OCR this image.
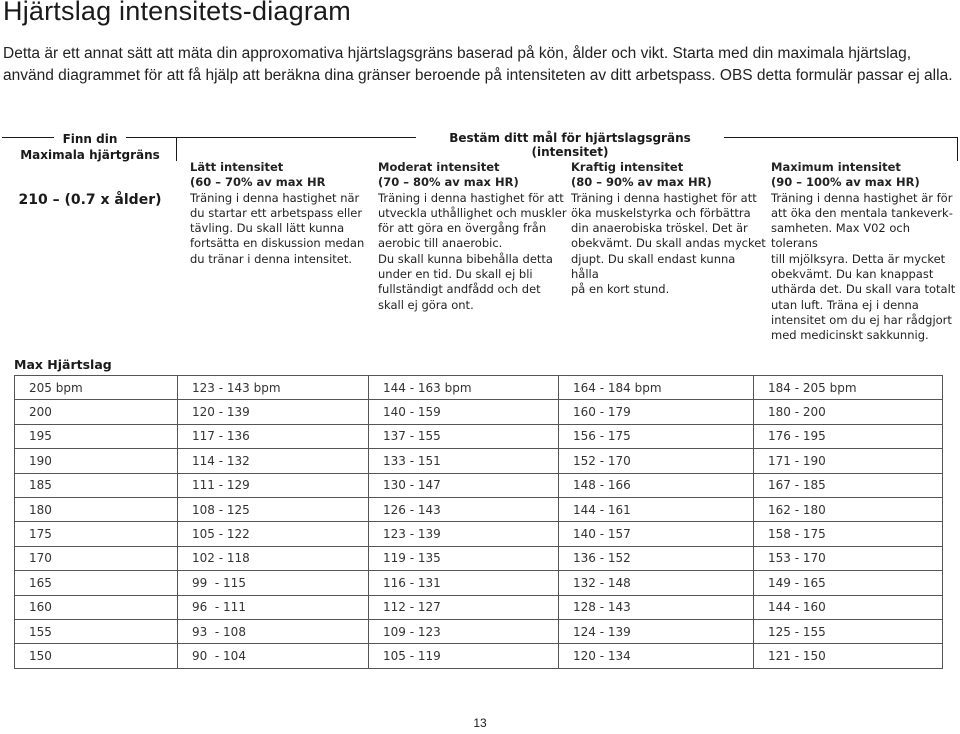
Hjärtslag intensitets-diagram

Detta är ett annat sätt att mäta din approxomativa hjärtslagsgräns baserad på kön, ålder och vikt. Starta med din maximala hjärtslag, använd diagrammet för att få hjälp att beräkna dina gränser beroende på intensiteten av ditt arbetspass. OBS detta formulär passar ej alla.

Finn din
Maximala hjärtgräns
210 – (0.7 x ålder)
Bestäm ditt mål för hjärtslagsgräns (intensitet)
Lätt intensitet
(60 – 70% av max HR
Träning i denna hastighet när
du startar ett arbetspass eller
tävling. Du skall lätt kunna
fortsätta en diskussion medan
du tränar i denna intensitet.
Moderat intensitet
(70 – 80% av max HR)
Träning i denna hastighet för att
utveckla uthållighet och muskler
för att göra en övergång från
aerobic till anaerobic.
Du skall kunna bibehålla detta
under en tid. Du skall ej bli
fullständigt andfådd och det
skall ej göra ont.
Kraftig intensitet
(80 – 90% av max HR)
Träning i denna hastighet för att
öka muskelstyrka och förbättra
din anaerobiska tröskel. Det är
obekvämt. Du skall andas mycket
djupt. Du skall endast kunna hålla
på en kort stund.
Maximum intensitet
(90 – 100% av max HR)
Träning i denna hastighet är för
att öka den mentala tankeverk-
samheten. Max V02 och tolerans
till mjölksyra. Detta är mycket
obekvämt. Du kan knappast
uthärda det. Du skall vara totalt
utan luft. Träna ej i denna
intensitet om du ej har rådgjort
med medicinskt sakkunnig.
Max Hjärtslag
205 bpm	123 - 143 bpm	144 - 163 bpm	164 - 184 bpm	184 - 205 bpm
200	120 - 139	140 - 159	160 - 179	180 - 200
195	117 - 136	137 - 155	156 - 175	176 - 195
190	114 - 132	133 - 151	152 - 170	171 - 190
185	111 - 129	130 - 147	148 - 166	167 - 185
180	108 - 125	126 - 143	144 - 161	162 - 180
175	105 - 122	123 - 139	140 - 157	158 - 175
170	102 - 118	119 - 135	136 - 152	153 - 170
165	99  - 115	116 - 131	132 - 148	149 - 165
160	96  - 111	112 - 127	128 - 143	144 - 160
155	93  - 108	109 - 123	124 - 139	125 - 155
150	90  - 104	105 - 119	120 - 134	121 - 150
13
